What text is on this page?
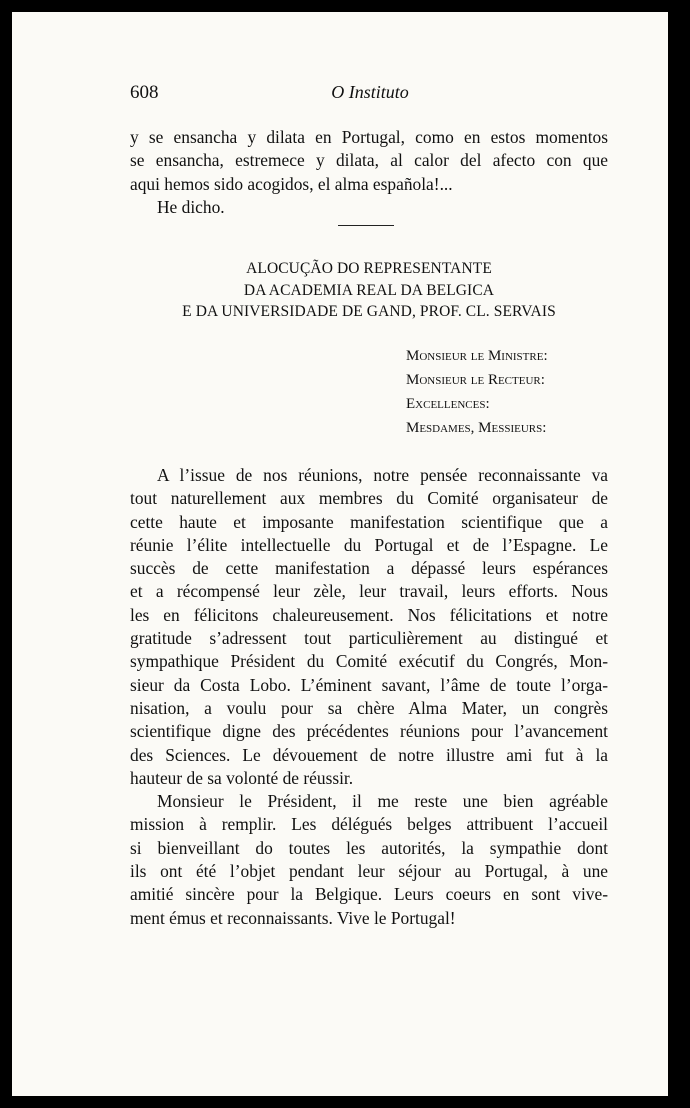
608	O Instituto
y se ensancha y dilata en Portugal, como en estos momentos
se ensancha, estremece y dilata, al calor del afecto con que
aqui hemos sido acogidos, el alma española!...
He dicho.
ALOCUÇÃO DO REPRESENTANTE
DA ACADEMIA REAL DA BELGICA
E DA UNIVERSIDADE DE GAND, PROF. CL. SERVAIS
Monsieur le Ministre:
Monsieur le Recteur:
Excellences:
Mesdames, Messieurs:
A l’issue de nos réunions, notre pensée reconnaissante va
tout naturellement aux membres du Comité organisateur de
cette haute et imposante manifestation scientifique que a
réunie l’élite intellectuelle du Portugal et de l’Espagne. Le
succès de cette manifestation a dépassé leurs espérances
et a récompensé leur zèle, leur travail, leurs efforts. Nous
les en félicitons chaleureusement. Nos félicitations et notre
gratitude s’adressent tout particulièrement au distingué et
sympathique Président du Comité exécutif du Congrés, Mon-
sieur da Costa Lobo. L’éminent savant, l’âme de toute l’orga-
nisation, a voulu pour sa chère Alma Mater, un congrès
scientifique digne des précédentes réunions pour l’avancement
des Sciences. Le dévouement de notre illustre ami fut à la
hauteur de sa volonté de réussir.
Monsieur le Président, il me reste une bien agréable
mission à remplir. Les délégués belges attribuent l’accueil
si bienveillant do toutes les autorités, la sympathie dont
ils ont été l’objet pendant leur séjour au Portugal, à une
amitié sincère pour la Belgique. Leurs coeurs en sont vive-
ment émus et reconnaissants. Vive le Portugal!
